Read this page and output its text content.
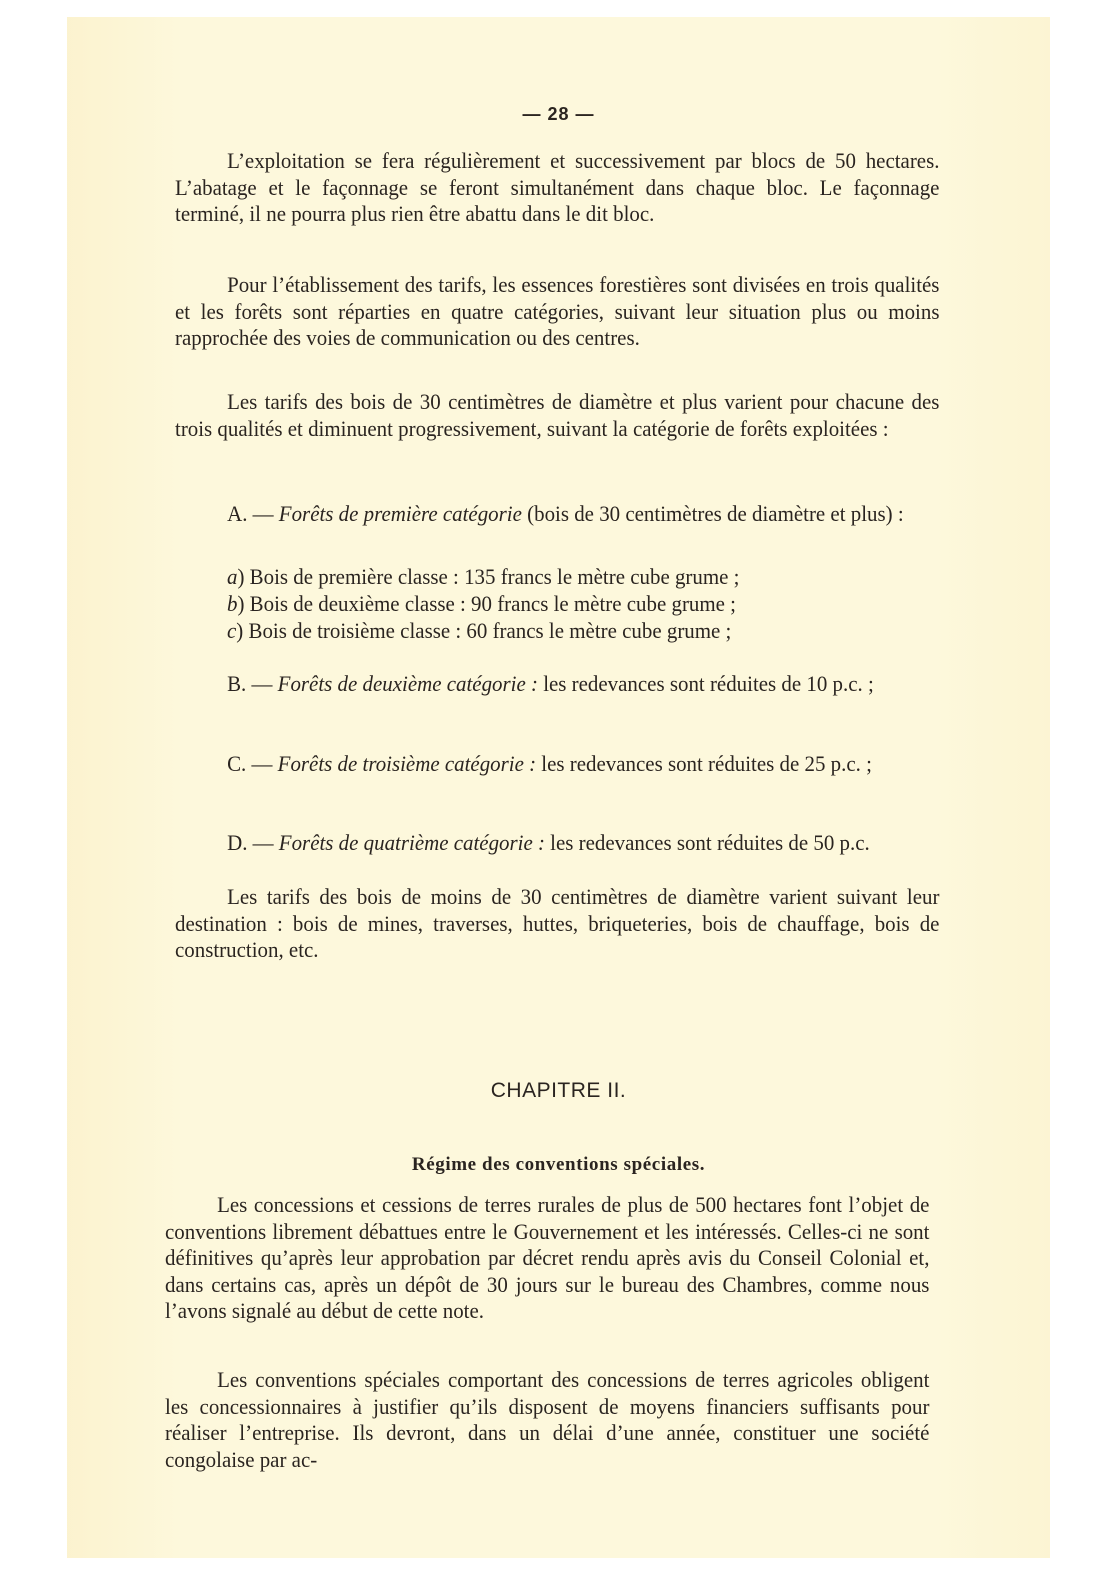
— 28 —

L’exploitation se fera régulièrement et successivement par blocs de 50 hectares. L’abatage et le façonnage se feront simultanément dans chaque bloc. Le façonnage terminé, il ne pourra plus rien être abattu dans le dit bloc.

Pour l’établissement des tarifs, les essences forestières sont divisées en trois qualités et les forêts sont réparties en quatre catégories, suivant leur situation plus ou moins rapprochée des voies de communication ou des centres.

Les tarifs des bois de 30 centimètres de diamètre et plus varient pour chacune des trois qualités et diminuent progressivement, suivant la catégorie de forêts exploitées :

A. — Forêts de première catégorie (bois de 30 centimètres de diamètre et plus) :

a) Bois de première classe : 135 francs le mètre cube grume ;
b) Bois de deuxième classe : 90 francs le mètre cube grume ;
c) Bois de troisième classe : 60 francs le mètre cube grume ;

B. — Forêts de deuxième catégorie : les redevances sont réduites de 10 p.c. ;

C. — Forêts de troisième catégorie : les redevances sont réduites de 25 p.c. ;

D. — Forêts de quatrième catégorie : les redevances sont réduites de 50 p.c.

Les tarifs des bois de moins de 30 centimètres de diamètre varient suivant leur destination : bois de mines, traverses, huttes, briqueteries, bois de chauffage, bois de construction, etc.

CHAPITRE II.
Régime des conventions spéciales.

Les concessions et cessions de terres rurales de plus de 500 hectares font l’objet de conventions librement débattues entre le Gouvernement et les intéressés. Celles-ci ne sont définitives qu’après leur approbation par décret rendu après avis du Conseil Colonial et, dans certains cas, après un dépôt de 30 jours sur le bureau des Chambres, comme nous l’avons signalé au début de cette note.

Les conventions spéciales comportant des concessions de terres agricoles obligent les concessionnaires à justifier qu’ils disposent de moyens financiers suffisants pour réaliser l’entreprise. Ils devront, dans un délai d’une année, constituer une société congolaise par ac-
